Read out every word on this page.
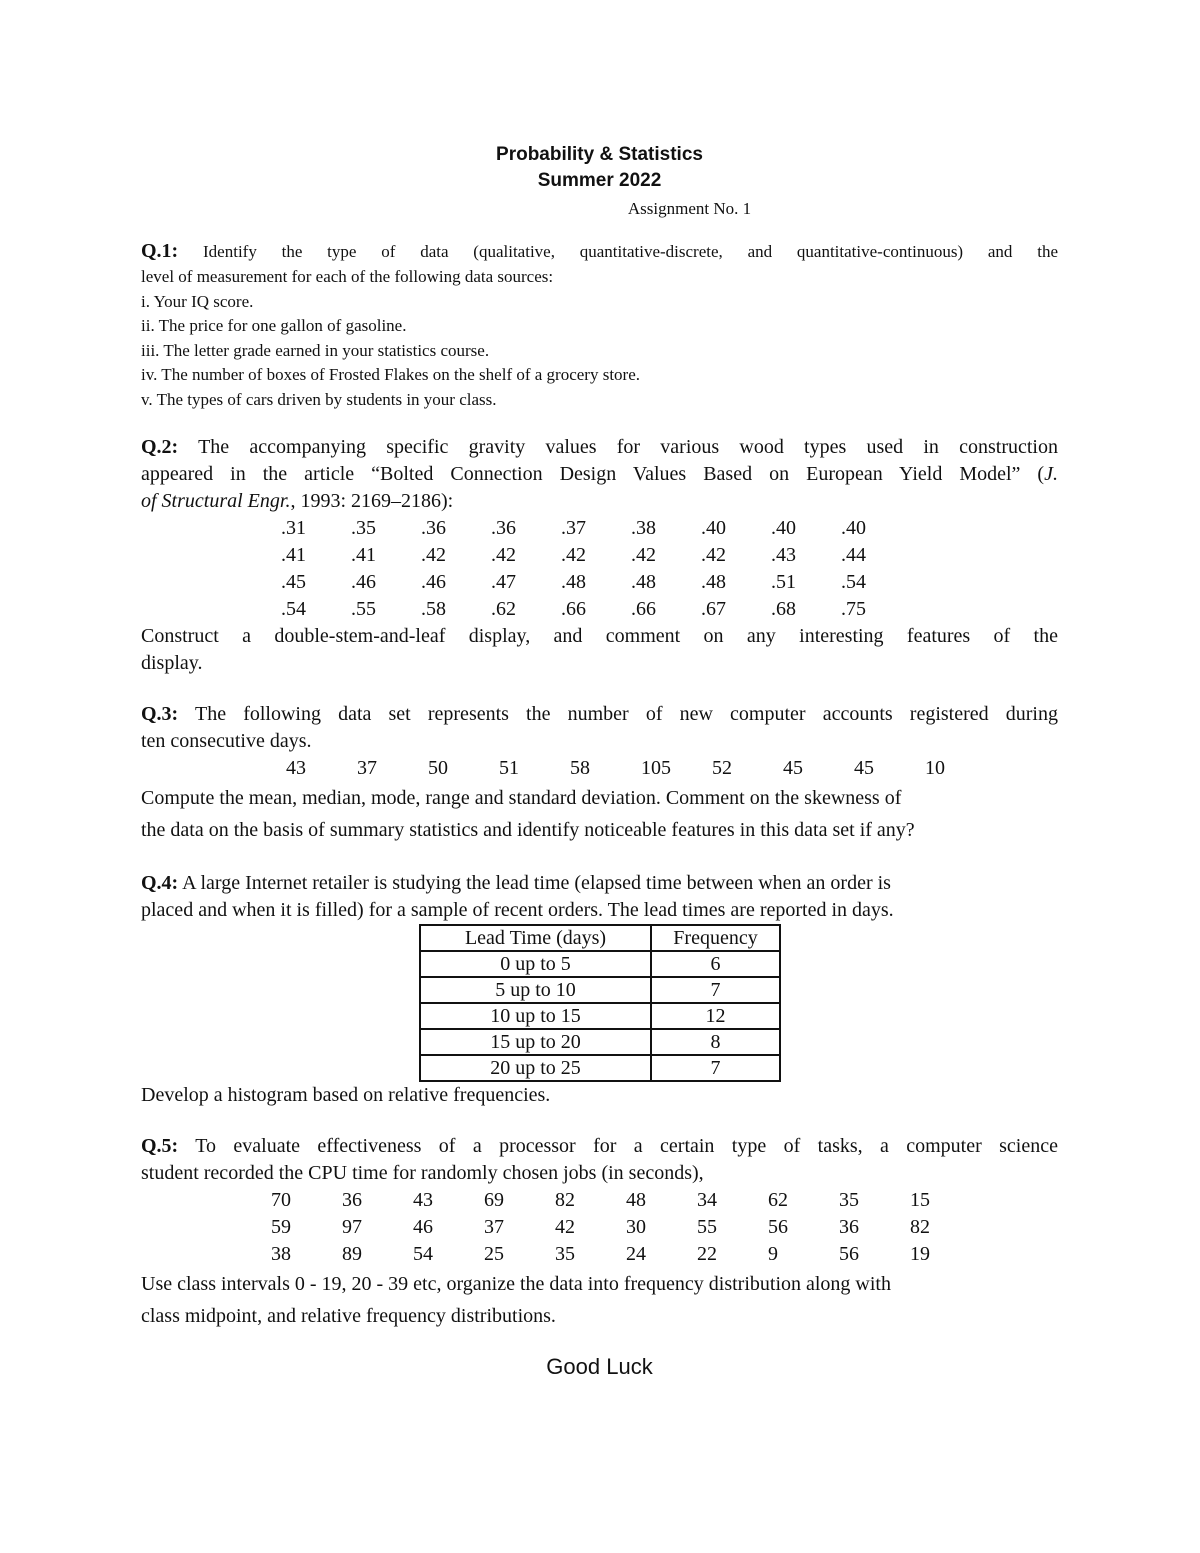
Probability & Statistics
Summer 2022
Assignment No. 1
Q.1: Identify the type of data (qualitative, quantitative-discrete, and quantitative-continuous) and the
level of measurement for each of the following data sources:
i. Your IQ score.
ii. The price for one gallon of gasoline.
iii. The letter grade earned in your statistics course.
iv. The number of boxes of Frosted Flakes on the shelf of a grocery store.
v. The types of cars driven by students in your class.
Q.2: The accompanying specific gravity values for various wood types used in construction
appeared in the article “Bolted Connection Design Values Based on European Yield Model” (J.
of Structural Engr., 1993: 2169–2186):
.31	.35	.36	.36	.37	.38	.40	.40	.40
.41	.41	.42	.42	.42	.42	.42	.43	.44
.45	.46	.46	.47	.48	.48	.48	.51	.54
.54	.55	.58	.62	.66	.66	.67	.68	.75
Construct a double-stem-and-leaf display, and comment on any interesting features of the
display.
Q.3: The following data set represents the number of new computer accounts registered during
ten consecutive days.
43	37	50	51	58	105	52	45	45	10
Compute the mean, median, mode, range and standard deviation. Comment on the skewness of
the data on the basis of summary statistics and identify noticeable features in this data set if any?
Q.4: A large Internet retailer is studying the lead time (elapsed time between when an order is
placed and when it is filled) for a sample of recent orders. The lead times are reported in days.
Lead Time (days)	Frequency
0 up to 5	6
5 up to 10	7
10 up to 15	12
15 up to 20	8
20 up to 25	7
Develop a histogram based on relative frequencies.
Q.5: To evaluate effectiveness of a processor for a certain type of tasks, a computer science
student recorded the CPU time for randomly chosen jobs (in seconds),
70	36	43	69	82	48	34	62	35	15
59	97	46	37	42	30	55	56	36	82
38	89	54	25	35	24	22	9	56	19
Use class intervals 0 - 19, 20 - 39 etc, organize the data into frequency distribution along with
class midpoint, and relative frequency distributions.
Good Luck
